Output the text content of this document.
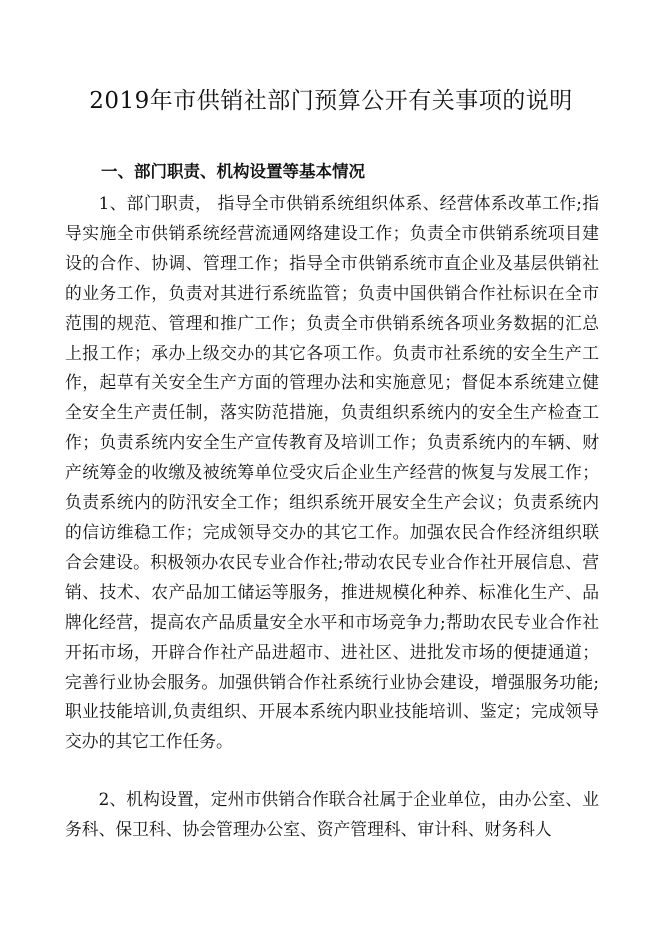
2019年市供销社部门预算公开有关事项的说明
一、部门职责、机构设置等基本情况

1、部门职责， 指导全市供销系统组织体系、经营体系改革工作;指导实施全市供销系统经营流通网络建设工作；负责全市供销系统项目建设的合作、协调、管理工作；指导全市供销系统市直企业及基层供销社的业务工作，负责对其进行系统监管；负责中国供销合作社标识在全市范围的规范、管理和推广工作；负责全市供销系统各项业务数据的汇总上报工作；承办上级交办的其它各项工作。负责市社系统的安全生产工作，起草有关安全生产方面的管理办法和实施意见；督促本系统建立健全安全生产责任制，落实防范措施，负责组织系统内的安全生产检查工作；负责系统内安全生产宣传教育及培训工作；负责系统内的车辆、财产统筹金的收缴及被统筹单位受灾后企业生产经营的恢复与发展工作；负责系统内的防汛安全工作；组织系统开展安全生产会议；负责系统内的信访维稳工作；完成领导交办的其它工作。加强农民合作经济组织联合会建设。积极领办农民专业合作社;带动农民专业合作社开展信息、营销、技术、农产品加工储运等服务，推进规模化种养、标准化生产、品牌化经营，提高农产品质量安全水平和市场竞争力;帮助农民专业合作社开拓市场，开辟合作社产品进超市、进社区、进批发市场的便捷通道；完善行业协会服务。加强供销合作社系统行业协会建设，增强服务功能;职业技能培训,负责组织、开展本系统内职业技能培训、鉴定；完成领导交办的其它工作任务。

2、机构设置，定州市供销合作联合社属于企业单位，由办公室、业务科、保卫科、协会管理办公室、资产管理科、审计科、财务科人
